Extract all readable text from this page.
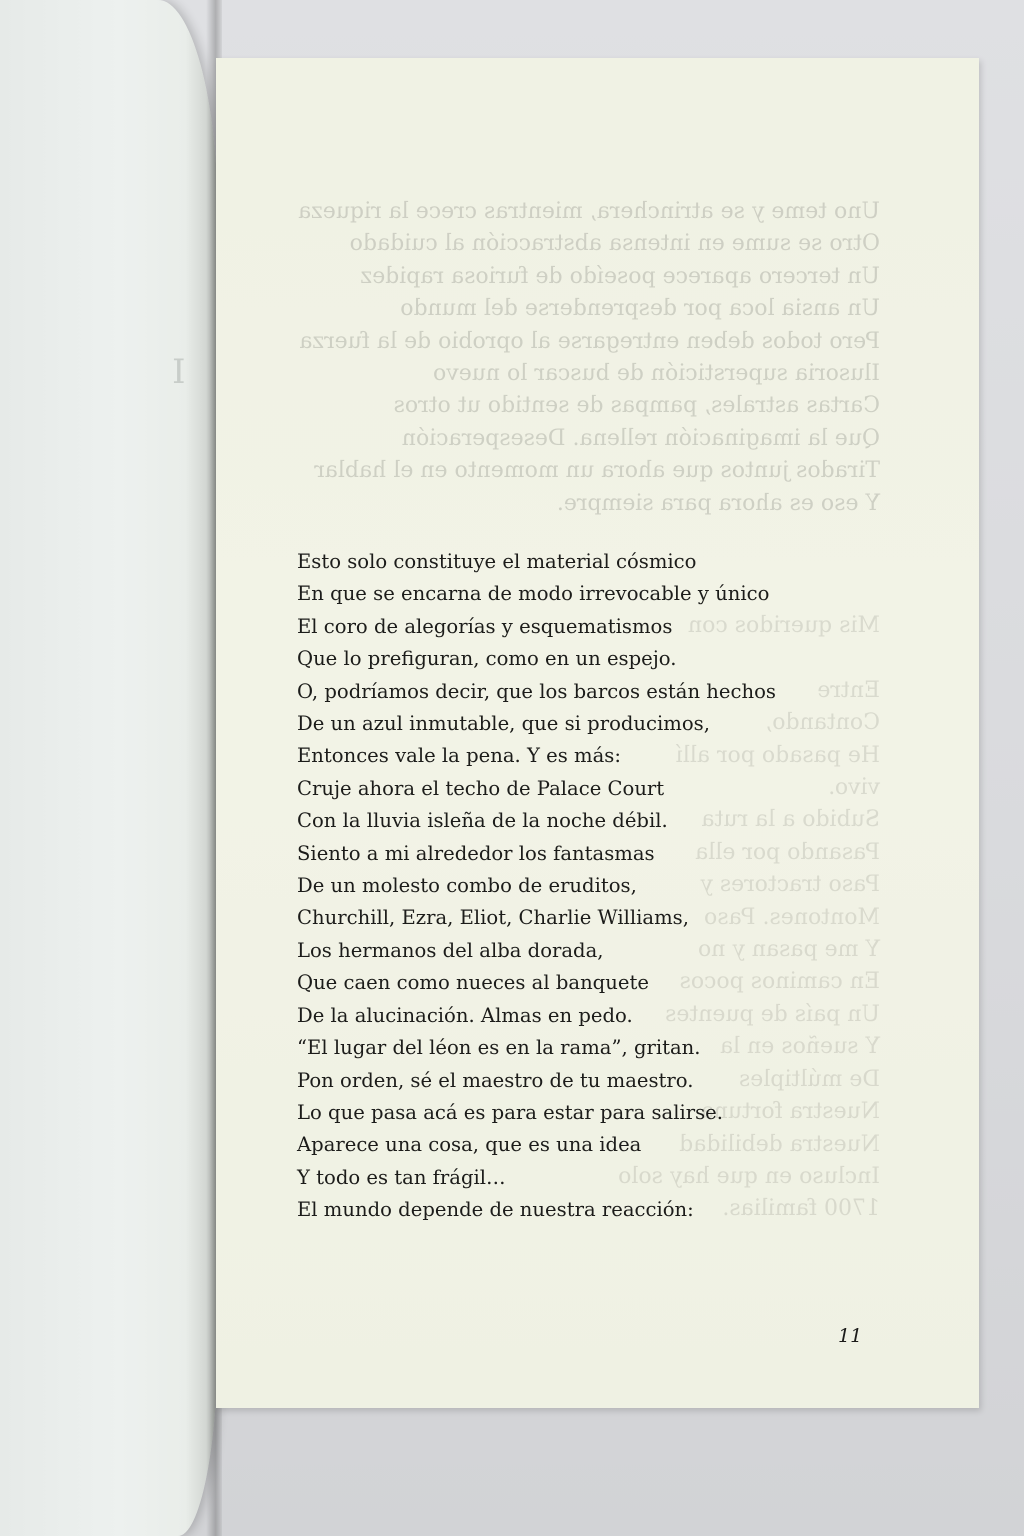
I
Uno teme y se atrinchera, mientras crece la riqueza
Otro se sume en intensa abstracción al cuidado
Un tercero aparece poseído de furiosa rapidez
Un ansia loca por desprenderse del mundo
Pero todos deben entregarse al oprobio de la fuerza
Ilusoria superstición de buscar lo nuevo
Cartas astrales, pampas de sentido ut otros
Que la imaginación rellena. Desesperación
Tirados juntos que ahora un momento en el hablar
Y eso es ahora para siempre.
Esto solo constituye el material cósmico
En que se encarna de modo irrevocable y único
El coro de alegorías y esquematismos
Que lo prefiguran, como en un espejo.
O, podríamos decir, que los barcos están hechos
De un azul inmutable, que si producimos,
Entonces vale la pena. Y es más:
Cruje ahora el techo de Palace Court
Con la lluvia isleña de la noche débil.
Siento a mi alrededor los fantasmas
De un molesto combo de eruditos,
Churchill, Ezra, Eliot, Charlie Williams,
Los hermanos del alba dorada,
Que caen como nueces al banquete
De la alucinación. Almas en pedo.
“El lugar del léon es en la rama”, gritan.
Pon orden, sé el maestro de tu maestro.
Lo que pasa acá es para estar para salirse.
Aparece una cosa, que es una idea
Y todo es tan frágil…
El mundo depende de nuestra reacción:
11
